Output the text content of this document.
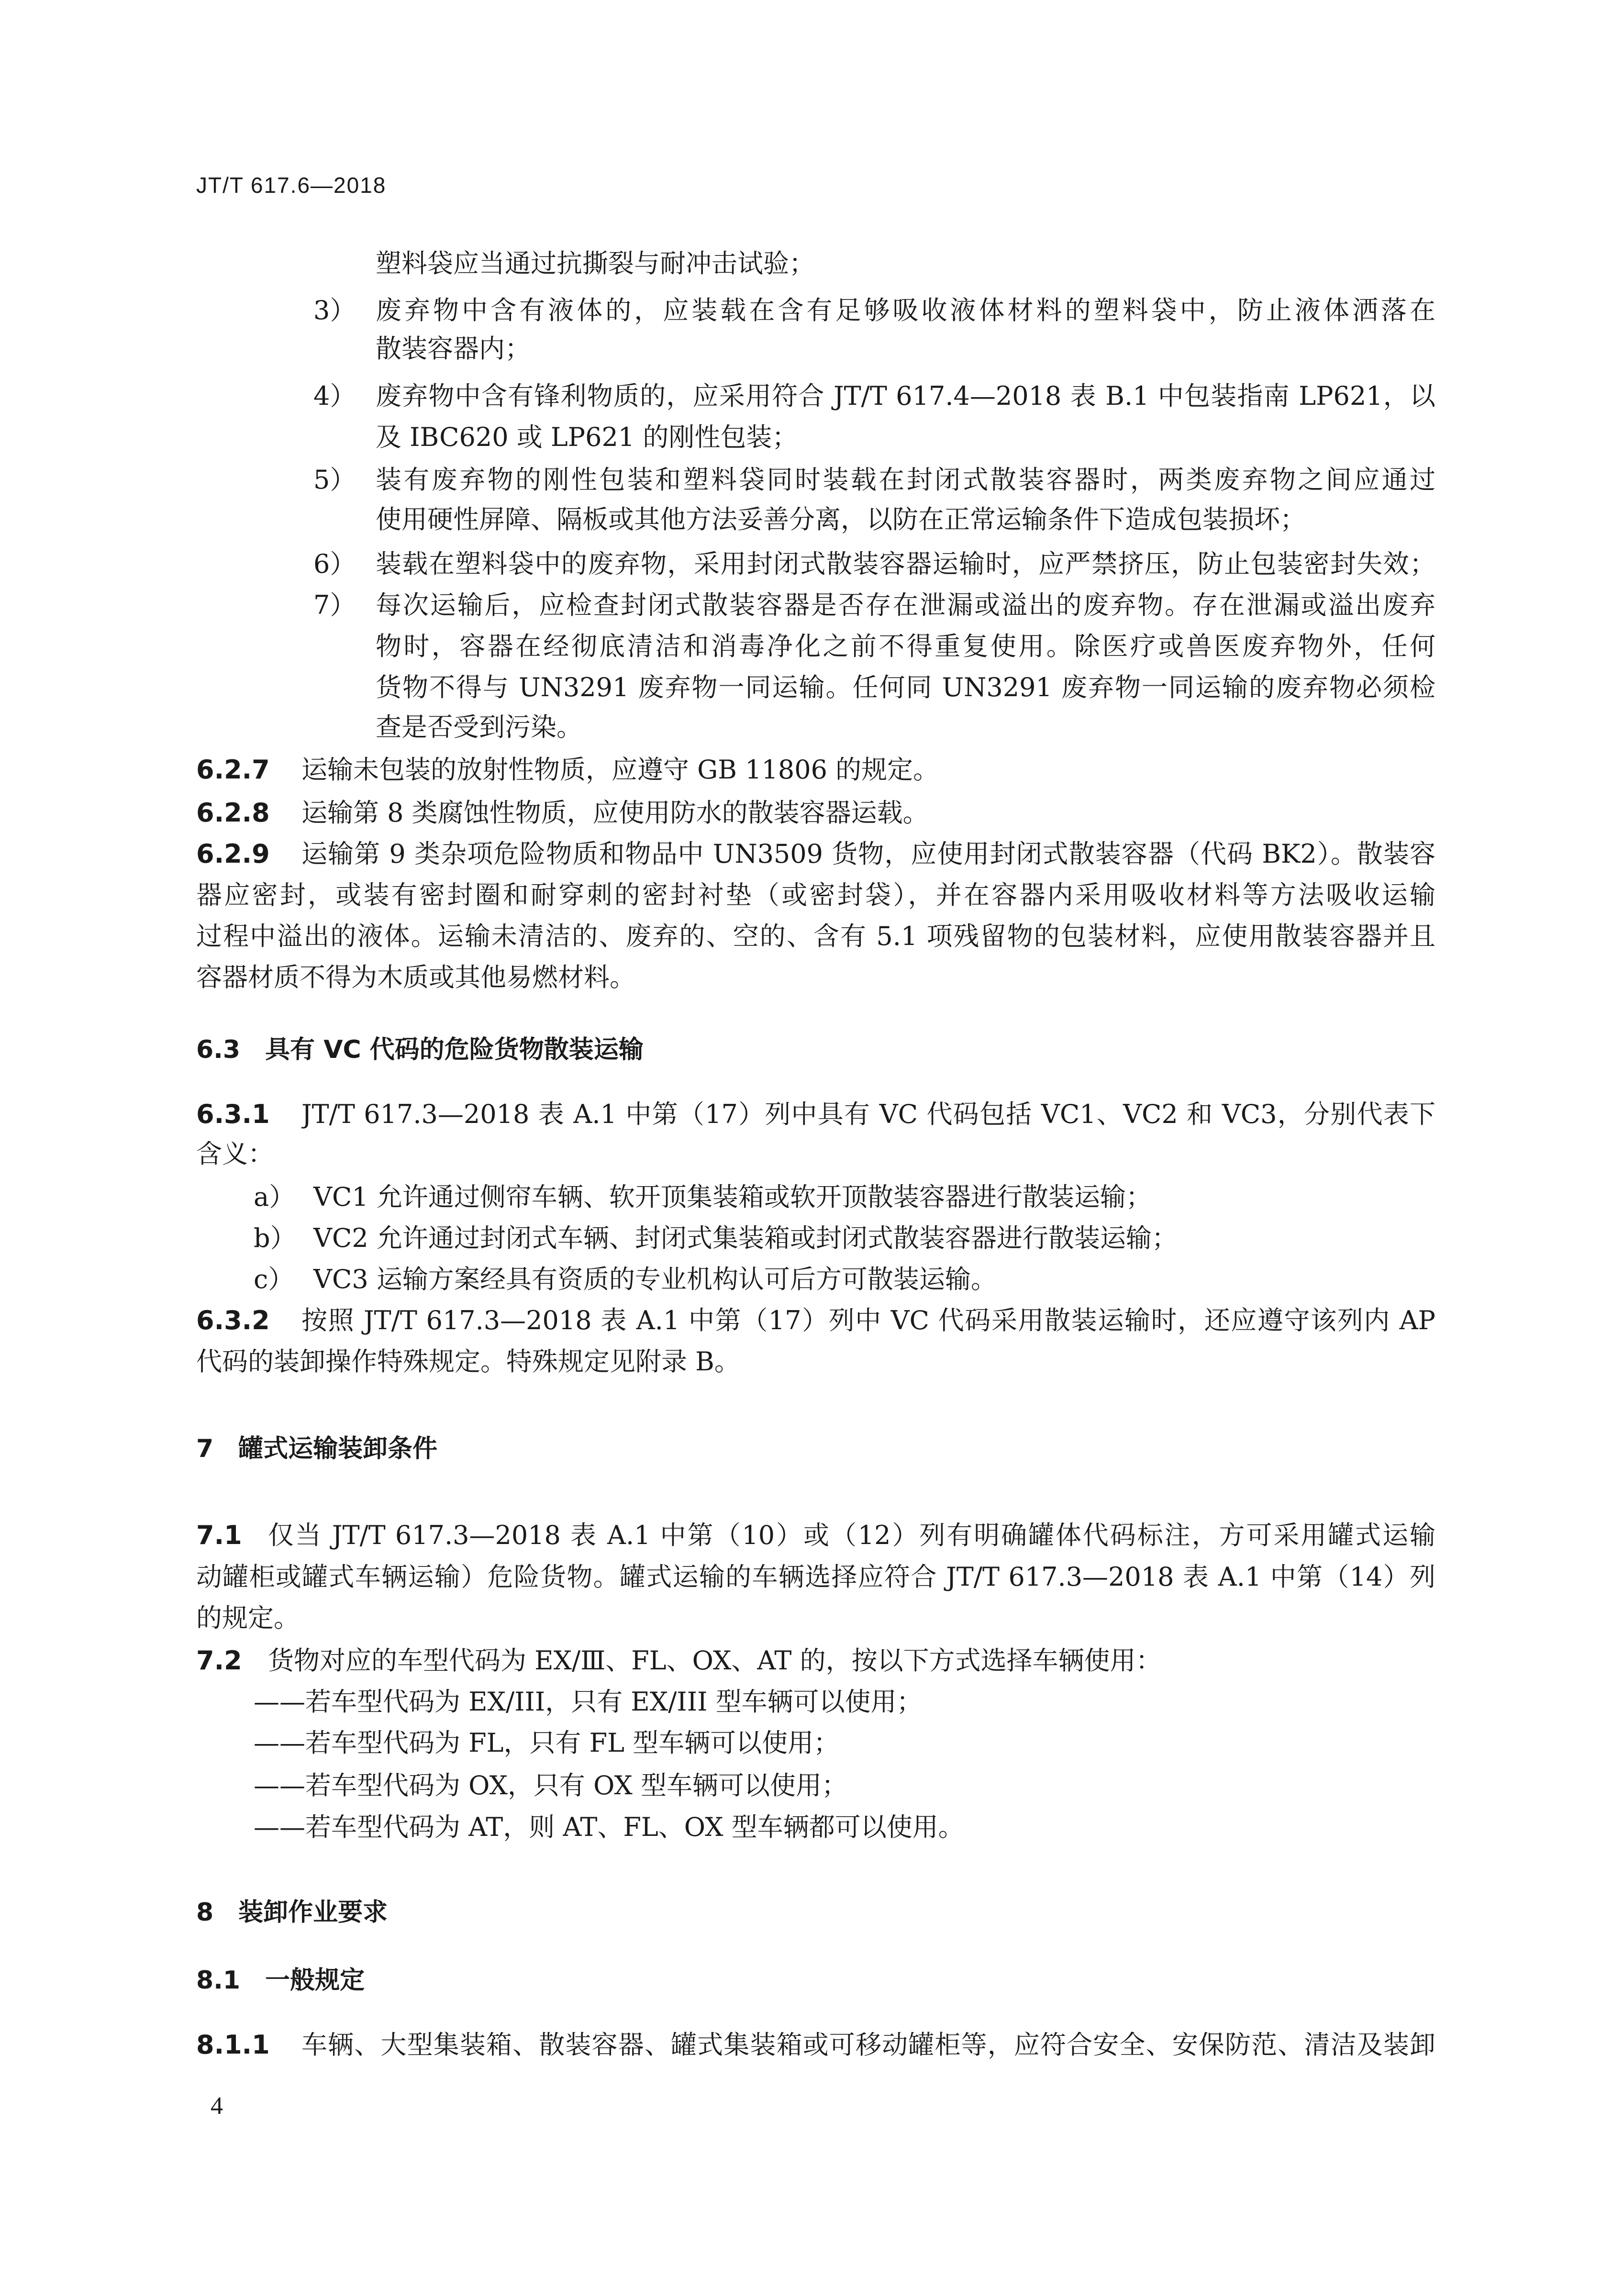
JT/T 617.6—2018
塑料袋应当通过抗撕裂与耐冲击试验；
3） 废弃物中含有液体的，应装载在含有足够吸收液体材料的塑料袋中，防止液体洒落在
散装容器内；
4） 废弃物中含有锋利物质的，应采用符合 JT/T 617.4—2018 表 B.1 中包装指南 LP621，以
及 IBC620 或 LP621 的刚性包装；
5） 装有废弃物的刚性包装和塑料袋同时装载在封闭式散装容器时，两类废弃物之间应通过
使用硬性屏障、隔板或其他方法妥善分离，以防在正常运输条件下造成包装损坏；
6） 装载在塑料袋中的废弃物，采用封闭式散装容器运输时，应严禁挤压，防止包装密封失效；
7） 每次运输后，应检查封闭式散装容器是否存在泄漏或溢出的废弃物。存在泄漏或溢出废弃
物时，容器在经彻底清洁和消毒净化之前不得重复使用。除医疗或兽医废弃物外，任何
货物不得与 UN3291 废弃物一同运输。任何同 UN3291 废弃物一同运输的废弃物必须检
查是否受到污染。
6.2.7 运输未包装的放射性物质，应遵守 GB 11806 的规定。
6.2.8 运输第 8 类腐蚀性物质，应使用防水的散装容器运载。
6.2.9 运输第 9 类杂项危险物质和物品中 UN3509 货物，应使用封闭式散装容器（代码 BK2）。散装容
器应密封，或装有密封圈和耐穿刺的密封衬垫（或密封袋），并在容器内采用吸收材料等方法吸收运输
过程中溢出的液体。运输未清洁的、废弃的、空的、含有 5.1 项残留物的包装材料，应使用散装容器并且
容器材质不得为木质或其他易燃材料。
6.3　具有 VC 代码的危险货物散装运输
6.3.1 JT/T 617.3—2018 表 A.1 中第（17）列中具有 VC 代码包括 VC1、VC2 和 VC3，分别代表下
含义：
a） VC1 允许通过侧帘车辆、软开顶集装箱或软开顶散装容器进行散装运输；
b） VC2 允许通过封闭式车辆、封闭式集装箱或封闭式散装容器进行散装运输；
c） VC3 运输方案经具有资质的专业机构认可后方可散装运输。
6.3.2 按照 JT/T 617.3—2018 表 A.1 中第（17）列中 VC 代码采用散装运输时，还应遵守该列内 AP
代码的装卸操作特殊规定。特殊规定见附录 B。
7　罐式运输装卸条件
7.1 仅当 JT/T 617.3—2018 表 A.1 中第（10）或（12）列有明确罐体代码标注，方可采用罐式运输
动罐柜或罐式车辆运输）危险货物。罐式运输的车辆选择应符合 JT/T 617.3—2018 表 A.1 中第（14）列
的规定。
7.2 货物对应的车型代码为 EX/Ⅲ、FL、OX、AT 的，按以下方式选择车辆使用：
——若车型代码为 EX/III，只有 EX/III 型车辆可以使用；
——若车型代码为 FL，只有 FL 型车辆可以使用；
——若车型代码为 OX，只有 OX 型车辆可以使用；
——若车型代码为 AT，则 AT、FL、OX 型车辆都可以使用。
8　装卸作业要求
8.1　一般规定
8.1.1 车辆、大型集装箱、散装容器、罐式集装箱或可移动罐柜等，应符合安全、安保防范、清洁及装卸
4
